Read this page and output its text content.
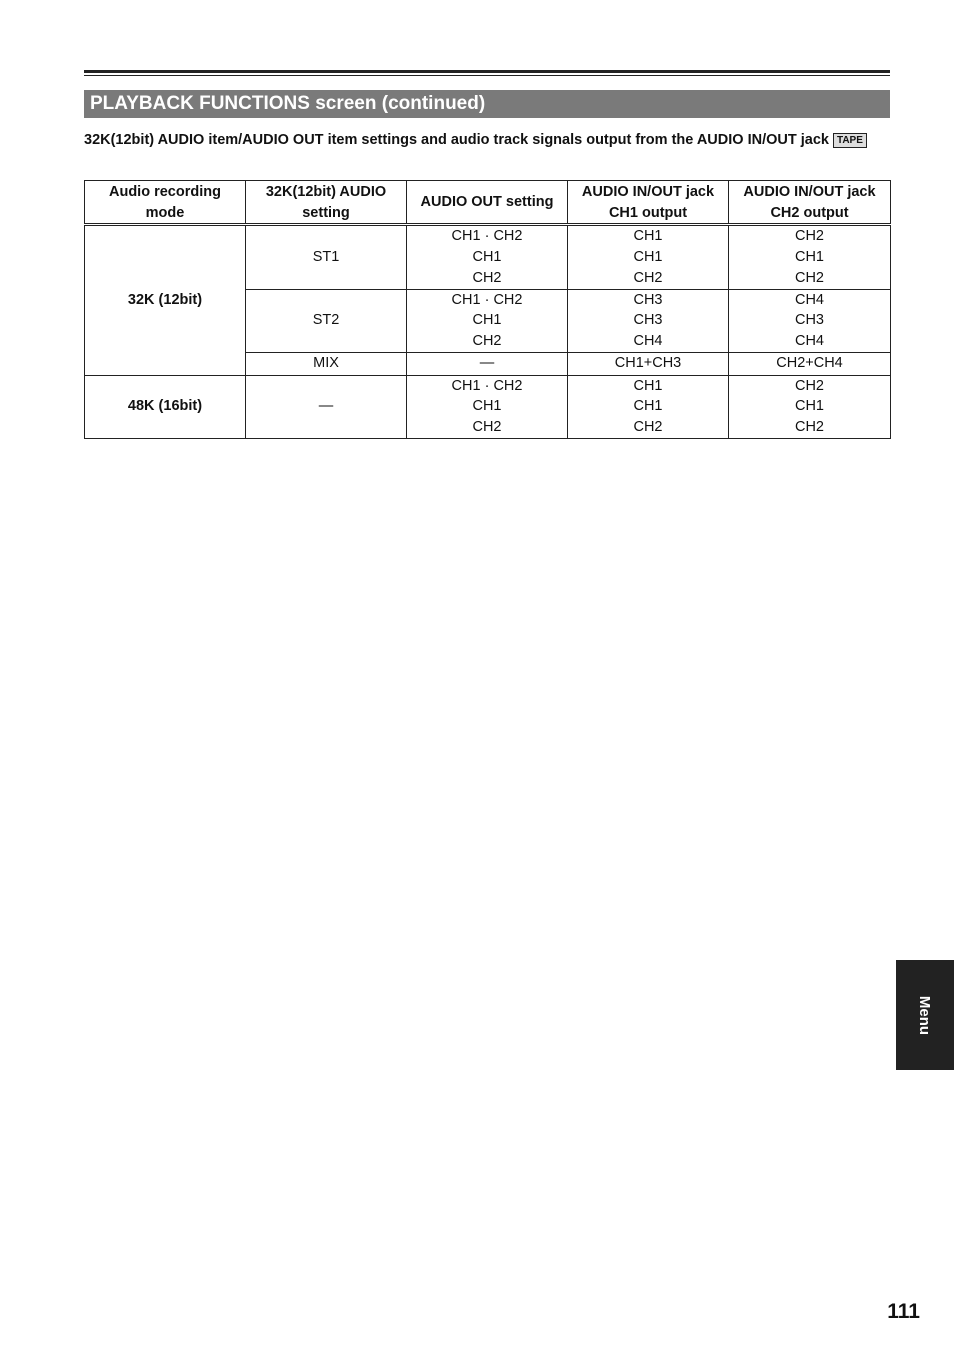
PLAYBACK FUNCTIONS screen (continued)
32K(12bit) AUDIO item/AUDIO OUT item settings and audio track signals output from the AUDIO IN/OUT jack TAPE
Audio recording
mode	32K(12bit) AUDIO
setting	AUDIO OUT setting	AUDIO IN/OUT jack
CH1 output	AUDIO IN/OUT jack
CH2 output

32K (12bit)	ST1	CH1 · CH2
CH1
CH2	CH1
CH1
CH2	CH2
CH1
CH2

	ST2	CH1 · CH2
CH1
CH2	CH3
CH3
CH4	CH4
CH3
CH4

	MIX	—	CH1+CH3	CH2+CH4

48K (16bit)	—	CH1 · CH2
CH1
CH2	CH1
CH1
CH2	CH2
CH1
CH2
Menu
111
